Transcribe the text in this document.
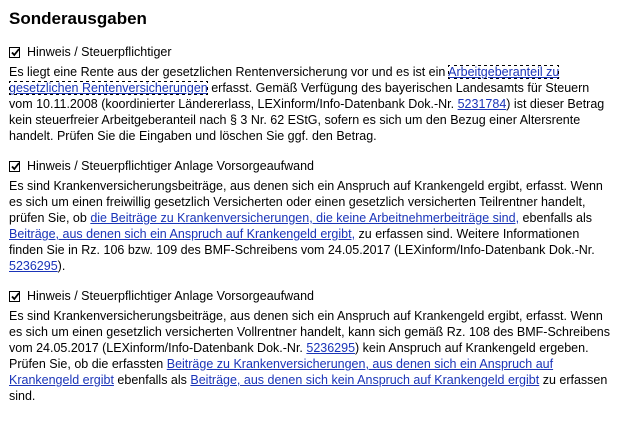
Sonderausgaben
Hinweis / Steuerpflichtiger
Es liegt eine Rente aus der gesetzlichen Rentenversicherung vor und es ist ein Arbeitgeberanteil zu gesetzlichen Rentenversicherungen erfasst. Gemäß Verfügung des bayerischen Landesamts für Steuern vom 10.11.2008 (koordinierter Ländererlass, LEXinform/Info-Datenbank Dok.-Nr. 5231784) ist dieser Betrag kein steuerfreier Arbeitgeberanteil nach § 3 Nr. 62 EStG, sofern es sich um den Bezug einer Altersrente handelt. Prüfen Sie die Eingaben und löschen Sie ggf. den Betrag.
Hinweis / Steuerpflichtiger Anlage Vorsorgeaufwand
Es sind Krankenversicherungsbeiträge, aus denen sich ein Anspruch auf Krankengeld ergibt, erfasst. Wenn es sich um einen freiwillig gesetzlich Versicherten oder einen gesetzlich versicherten Teilrentner handelt, prüfen Sie, ob die Beiträge zu Krankenversicherungen, die keine Arbeitnehmerbeiträge sind, ebenfalls als Beiträge, aus denen sich ein Anspruch auf Krankengeld ergibt, zu erfassen sind. Weitere Informationen finden Sie in Rz. 106 bzw. 109 des BMF-Schreibens vom 24.05.2017 (LEXinform/Info-Datenbank Dok.-Nr. 5236295).
Hinweis / Steuerpflichtiger Anlage Vorsorgeaufwand
Es sind Krankenversicherungsbeiträge, aus denen sich ein Anspruch auf Krankengeld ergibt, erfasst. Wenn es sich um einen gesetzlich versicherten Vollrentner handelt, kann sich gemäß Rz. 108 des BMF-Schreibens vom 24.05.2017 (LEXinform/Info-Datenbank Dok.-Nr. 5236295) kein Anspruch auf Krankengeld ergeben. Prüfen Sie, ob die erfassten Beiträge zu Krankenversicherungen, aus denen sich ein Anspruch auf Krankengeld ergibt ebenfalls als Beiträge, aus denen sich kein Anspruch auf Krankengeld ergibt zu erfassen sind.
